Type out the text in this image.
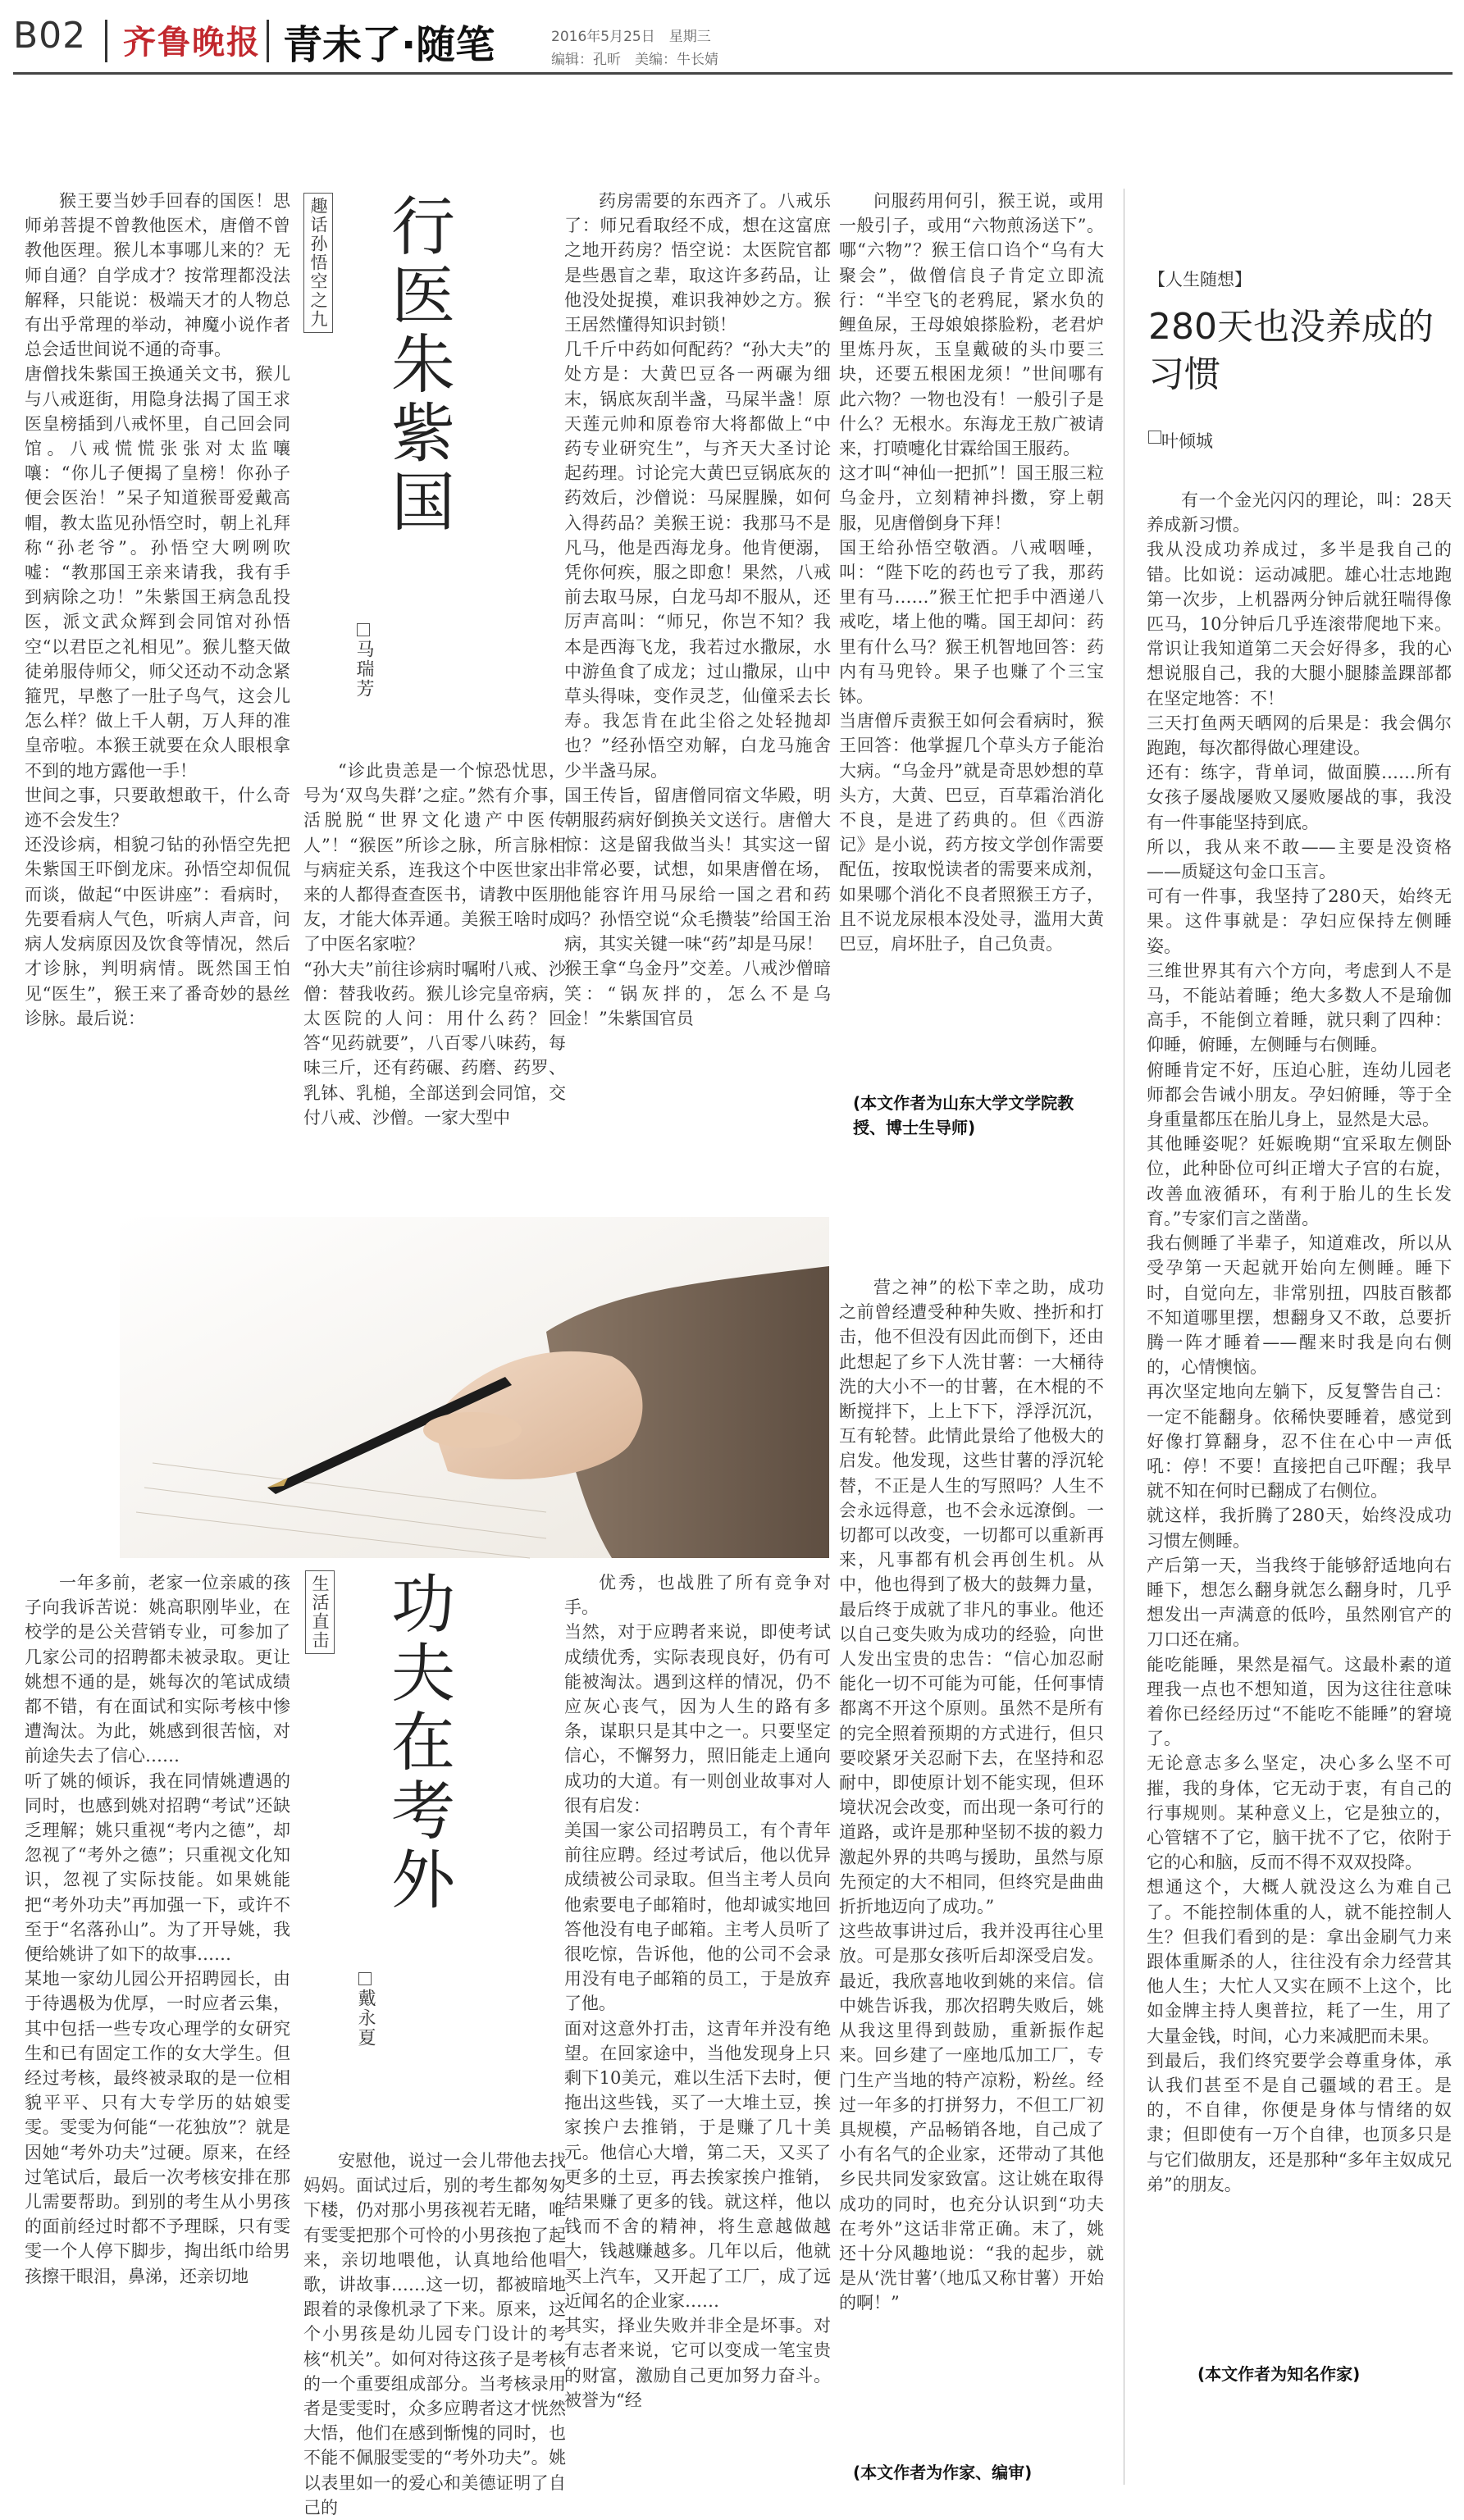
B02 齐鲁晚报 青未了·随笔	2016年5月25日　星期三
编辑：孔昕　美编：牛长婧
猴王要当妙手回春的国医！思师弟菩提不曾教他医术，唐僧不曾教他医理。猴儿本事哪儿来的？无师自通？自学成才？按常理都没法解释，只能说：极端天才的人物总有出乎常理的举动，神魔小说作者总会适世间说不通的奇事。
唐僧找朱紫国王换通关文书，猴儿与八戒逛街，用隐身法揭了国王求医皇榜插到八戒怀里，自己回会同馆。八戒慌慌张张对太监嚷嚷：“你儿子便揭了皇榜！你孙子便会医治！”呆子知道猴哥爱戴高帽，教太监见孙悟空时，朝上礼拜称“孙老爷”。孙悟空大咧咧吹嘘：“教那国王亲来请我，我有手到病除之功！”朱紫国王病急乱投医，派文武众辉到会同馆对孙悟空“以君臣之礼相见”。猴儿整天做徒弟服侍师父，师父还动不动念紧箍咒，早憋了一肚子鸟气，这会儿怎么样？做上千人朝，万人拜的准皇帝啦。本猴王就要在众人眼根拿不到的地方露他一手！
世间之事，只要敢想敢干，什么奇迹不会发生？
还没诊病，相貌刁钻的孙悟空先把朱紫国王吓倒龙床。孙悟空却侃侃而谈，做起“中医讲座”：看病时，先要看病人气色，听病人声音，问病人发病原因及饮食等情况，然后才诊脉，判明病情。既然国王怕见“医生”，猴王来了番奇妙的悬丝诊脉。最后说：
趣话孙悟空之九 行医朱紫国
马瑞芳
“诊此贵恙是一个惊恐忧思，号为‘双鸟失群’之症。”然有介事，活脱脱“世界文化遗产中医传人”！“猴医”所诊之脉，所言脉相与病症关系，连我这个中医世家出来的人都得查查医书，请教中医朋友，才能大体弄通。美猴王啥时成了中医名家啦？
“孙大夫”前往诊病时嘱咐八戒、沙僧：替我收药。猴儿诊完皇帝病，太医院的人问：用什么药？回答“见药就要”，八百零八味药，每味三斤，还有药碾、药磨、药罗、乳钵、乳槌，全部送到会同馆，交付八戒、沙僧。一家大型中
药房需要的东西齐了。八戒乐了：师兄看取经不成，想在这富庶之地开药房？悟空说：太医院官都是些愚盲之辈，取这许多药品，让他没处捉摸，难识我神妙之方。猴王居然懂得知识封锁！
几千斤中药如何配药？“孙大夫”的处方是：大黄巴豆各一两碾为细末，锅底灰刮半盏，马屎半盏！原天莲元帅和原卷帘大将都做上“中药专业研究生”，与齐天大圣讨论起药理。讨论完大黄巴豆锅底灰的药效后，沙僧说：马屎腥臊，如何入得药品？美猴王说：我那马不是凡马，他是西海龙身。他肯便溺，凭你何疾，服之即愈！果然，八戒前去取马尿，白龙马却不服从，还厉声高叫：“师兄，你岂不知？我本是西海飞龙，我若过水撒尿，水中游鱼食了成龙；过山撒尿，山中草头得味，变作灵芝，仙僮采去长寿。我怎肯在此尘俗之处轻抛却也？”经孙悟空劝解，白龙马施舍少半盏马尿。
国王传旨，留唐僧同宿文华殿，明朝服药病好倒换关文送行。唐僧大惊：这是留我做当头！其实这一留非常必要，试想，如果唐僧在场，他能容许用马尿给一国之君和药吗？孙悟空说“众毛攒装”给国王治病，其实关键一味“药”却是马尿！
猴王拿“乌金丹”交差。八戒沙僧暗笑：“锅灰拌的，怎么不是乌金！”朱紫国官员
问服药用何引，猴王说，或用一般引子，或用“六物煎汤送下”。哪“六物”？猴王信口诌个“乌有大聚会”，做僧信良子肯定立即流行：“半空飞的老鸦屁，紧水负的鲤鱼尿，王母娘娘搽脸粉，老君炉里炼丹灰，玉皇戴破的头巾要三块，还要五根困龙须！”世间哪有此六物？一物也没有！一般引子是什么？无根水。东海龙王敖广被请来，打喷嚏化甘霖给国王服药。
这才叫“神仙一把抓”！国王服三粒乌金丹，立刻精神抖擞，穿上朝服，见唐僧倒身下拜！
国王给孙悟空敬酒。八戒咽唾，叫：“陛下吃的药也亏了我，那药里有马……”猴王忙把手中酒递八戒吃，堵上他的嘴。国王却问：药里有什么马？猴王机智地回答：药内有马兜铃。果子也赚了个三宝钵。
当唐僧斥责猴王如何会看病时，猴王回答：他掌握几个草头方子能治大病。“乌金丹”就是奇思妙想的草头方，大黄、巴豆，百草霜治消化不良，是进了药典的。但《西游记》是小说，药方按文学创作需要配伍，按取悦读者的需要来成剂，如果哪个消化不良者照猴王方子，且不说龙尿根本没处寻，滥用大黄巴豆，肩坏肚子，自己负责。
(本文作者为山东大学文学院教授、博士生导师)
【人生随想】
280天也没养成的习惯
叶倾城
有一个金光闪闪的理论，叫：28天养成新习惯。
我从没成功养成过，多半是我自己的错。比如说：运动减肥。雄心壮志地跑第一次步，上机器两分钟后就狂喘得像匹马，10分钟后几乎连滚带爬地下来。常识让我知道第二天会好得多，我的心想说服自己，我的大腿小腿膝盖踝部都在坚定地答：不！
三天打鱼两天晒网的后果是：我会偶尔跑跑，每次都得做心理建设。
还有：练字，背单词，做面膜……所有女孩子屡战屡败又屡败屡战的事，我没有一件事能坚持到底。
所以，我从来不敢——主要是没资格——质疑这句金口玉言。
可有一件事，我坚持了280天，始终无果。这件事就是：孕妇应保持左侧睡姿。
三维世界其有六个方向，考虑到人不是马，不能站着睡；绝大多数人不是瑜伽高手，不能倒立着睡，就只剩了四种：仰睡，俯睡，左侧睡与右侧睡。
俯睡肯定不好，压迫心脏，连幼儿园老师都会告诫小朋友。孕妇俯睡，等于全身重量都压在胎儿身上，显然是大忌。
其他睡姿呢？妊娠晚期“宜采取左侧卧位，此种卧位可纠正增大子宫的右旋，改善血液循环，有利于胎儿的生长发育。”专家们言之凿凿。
我右侧睡了半辈子，知道难改，所以从受孕第一天起就开始向左侧睡。睡下时，自觉向左，非常别扭，四肢百骸都不知道哪里摆，想翻身又不敢，总要折腾一阵才睡着——醒来时我是向右侧的，心情懊恼。
再次坚定地向左躺下，反复警告自己：一定不能翻身。依稀快要睡着，感觉到好像打算翻身，忍不住在心中一声低吼：停！不要！直接把自己吓醒；我早就不知在何时已翻成了右侧位。
就这样，我折腾了280天，始终没成功习惯左侧睡。
产后第一天，当我终于能够舒适地向右睡下，想怎么翻身就怎么翻身时，几乎想发出一声满意的低吟，虽然刚官产的刀口还在痛。
能吃能睡，果然是福气。这最朴素的道理我一点也不想知道，因为这往往意味着你已经经历过“不能吃不能睡”的窘境了。
无论意志多么坚定，决心多么坚不可摧，我的身体，它无动于衷，有自己的行事规则。某种意义上，它是独立的，心管辖不了它，脑干扰不了它，依附于它的心和脑，反而不得不双双投降。
想通这个，大概人就没这么为难自己了。不能控制体重的人，就不能控制人生？但我们看到的是：拿出金刷气力来跟体重厮杀的人，往往没有余力经营其他人生；大忙人又实在顾不上这个，比如金牌主持人奥普拉，耗了一生，用了大量金钱，时间，心力来减肥而未果。
到最后，我们终究要学会尊重身体，承认我们甚至不是自己疆域的君王。是的，不自律，你便是身体与情绪的奴隶；但即使有一万个自律，也顶多只是与它们做朋友，还是那种“多年主奴成兄弟”的朋友。
(本文作者为知名作家)
一年多前，老家一位亲戚的孩子向我诉苦说：姚高职刚毕业，在校学的是公关营销专业，可参加了几家公司的招聘都未被录取。更让姚想不通的是，姚每次的笔试成绩都不错，有在面试和实际考核中惨遭淘汰。为此，姚感到很苦恼，对前途失去了信心……
听了姚的倾诉，我在同情姚遭遇的同时，也感到姚对招聘“考试”还缺乏理解；姚只重视“考内之德”，却忽视了“考外之德”；只重视文化知识，忽视了实际技能。如果姚能把“考外功夫”再加强一下，或许不至于“名落孙山”。为了开导姚，我便给姚讲了如下的故事……
某地一家幼儿园公开招聘园长，由于待遇极为优厚，一时应者云集，其中包括一些专攻心理学的女研究生和已有固定工作的女大学生。但经过考核，最终被录取的是一位相貌平平、只有大专学历的姑娘雯雯。雯雯为何能“一花独放”？就是因她“考外功夫”过硬。原来，在经过笔试后，最后一次考核安排在那儿需要帮助。到别的考生从小男孩的面前经过时都不予理睬，只有雯雯一个人停下脚步，掏出纸巾给男孩擦干眼泪，鼻涕，还亲切地
生活直击 功夫在考外
戴永夏
安慰他，说过一会儿带他去找妈妈。面试过后，别的考生都匆匆下楼，仍对那小男孩视若无睹，唯有雯雯把那个可怜的小男孩抱了起来，亲切地喂他，认真地给他唱歌，讲故事……这一切，都被暗地跟着的录像机录了下来。原来，这个小男孩是幼儿园专门设计的考核“机关”。如何对待这孩子是考核的一个重要组成部分。当考核录用者是雯雯时，众多应聘者这才恍然大悟，他们在感到惭愧的同时，也不能不佩服雯雯的“考外功夫”。姚以表里如一的爱心和美德证明了自己的
优秀，也战胜了所有竞争对手。
当然，对于应聘者来说，即使考试成绩优秀，实际表现良好，仍有可能被淘汰。遇到这样的情况，仍不应灰心丧气，因为人生的路有多条，谋职只是其中之一。只要坚定信心，不懈努力，照旧能走上通向成功的大道。有一则创业故事对人很有启发：
美国一家公司招聘员工，有个青年前往应聘。经过考试后，他以优异成绩被公司录取。但当主考人员向他索要电子邮箱时，他却诚实地回答他没有电子邮箱。主考人员听了很吃惊，告诉他，他的公司不会录用没有电子邮箱的员工，于是放弃了他。
面对这意外打击，这青年并没有绝望。在回家途中，当他发现身上只剩下10美元，难以生活下去时，便拖出这些钱，买了一大堆土豆，挨家挨户去推销，于是赚了几十美元。他信心大增，第二天，又买了更多的土豆，再去挨家挨户推销，结果赚了更多的钱。就这样，他以钱而不舍的精神，将生意越做越大，钱越赚越多。几年以后，他就买上汽车，又开起了工厂，成了远近闻名的企业家……
其实，择业失败并非全是坏事。对有志者来说，它可以变成一笔宝贵的财富，激励自己更加努力奋斗。被誉为“经
营之神”的松下幸之助，成功之前曾经遭受种种失败、挫折和打击，他不但没有因此而倒下，还由此想起了乡下人洗甘薯：一大桶待洗的大小不一的甘薯，在木棍的不断搅拌下，上上下下，浮浮沉沉，互有轮替。此情此景给了他极大的启发。他发现，这些甘薯的浮沉轮替，不正是人生的写照吗？人生不会永远得意，也不会永远潦倒。一切都可以改变，一切都可以重新再来，凡事都有机会再创生机。从中，他也得到了极大的鼓舞力量，最后终于成就了非凡的事业。他还以自己变失败为成功的经验，向世人发出宝贵的忠告：“信心加忍耐能化一切不可能为可能，任何事情都离不开这个原则。虽然不是所有的完全照着预期的方式进行，但只要咬紧牙关忍耐下去，在坚持和忍耐中，即使原计划不能实现，但环境状况会改变，而出现一条可行的道路，或许是那种坚韧不拔的毅力激起外界的共鸣与援助，虽然与原先预定的大不相同，但终究是曲曲折折地迈向了成功。”
这些故事讲过后，我并没再往心里放。可是那女孩听后却深受启发。最近，我欣喜地收到姚的来信。信中姚告诉我，那次招聘失败后，姚从我这里得到鼓励，重新振作起来。回乡建了一座地瓜加工厂，专门生产当地的特产凉粉，粉丝。经过一年多的打拼努力，不但工厂初具规模，产品畅销各地，自己成了小有名气的企业家，还带动了其他乡民共同发家致富。这让姚在取得成功的同时，也充分认识到“功夫在考外”这话非常正确。末了，姚还十分风趣地说：“我的起步，就是从‘洗甘薯’（地瓜又称甘薯）开始的啊！”
(本文作者为作家、编审)
